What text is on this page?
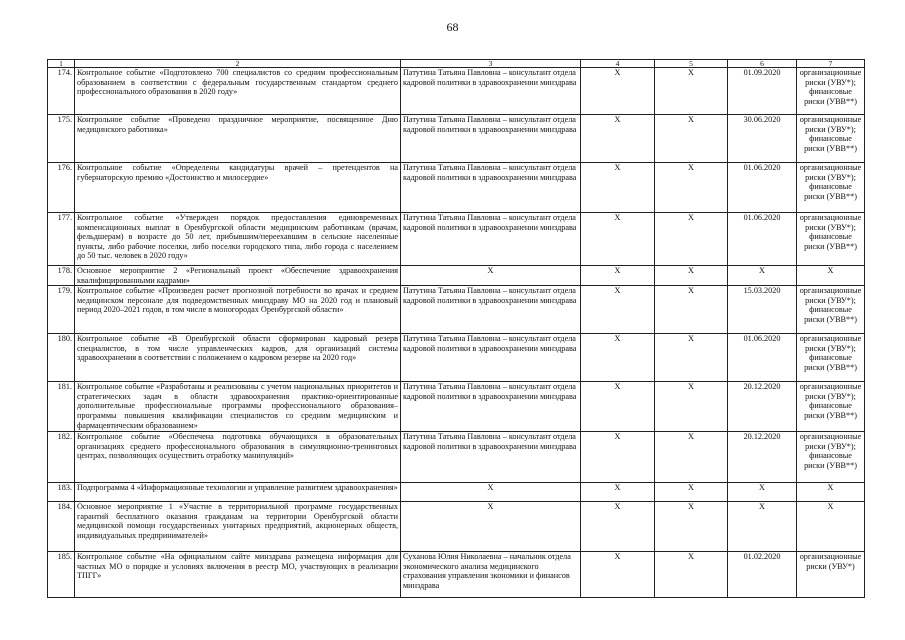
68
1	2	3	4	5	6	7
174.	Контрольное событие «Подготовлено 700 специалистов со средним профессиональным образованием в соответствии с федеральным государственным стандартом среднего профессионального образования в 2020 году»	Патутина Татьяна Павловна – консультант отдела кадровой политики в здравоохранении минздрава	X	X	01.09.2020	организационные риски (УВУ*); финансовые риски (УВВ**)
175.	Контрольное событие «Проведено праздничное мероприятие, посвященное Дню медицинского работника»	Патутина Татьяна Павловна – консультант отдела кадровой политики в здравоохранении минздрава	X	X	30.06.2020	организационные риски (УВУ*); финансовые риски (УВВ**)
176.	Контрольное событие «Определены кандидатуры врачей – претендентов на губернаторскую премию «Достоинство и милосердие»	Патутина Татьяна Павловна – консультант отдела кадровой политики в здравоохранении минздрава	X	X	01.06.2020	организационные риски (УВУ*); финансовые риски (УВВ**)
177.	Контрольное событие «Утвержден порядок предоставления единовременных компенсационных выплат в Оренбургской области медицинским работникам (врачам, фельдшерам) в возрасте до 50 лет, прибывшим/переехавшим в сельские населенные пункты, либо рабочие поселки, либо поселки городского типа, либо города с населением до 50 тыс. человек в 2020 году»	Патутина Татьяна Павловна – консультант отдела кадровой политики в здравоохранении минздрава	X	X	01.06.2020	организационные риски (УВУ*); финансовые риски (УВВ**)
178.	Основное мероприятие 2 «Региональный проект «Обеспечение здравоохранения квалифицированными кадрами»	X	X	X	X	X
179.	Контрольное событие «Произведен расчет прогнозной потребности во врачах и среднем медицинском персонале для подведомственных минздраву МО на 2020 год и плановый период 2020–2021 годов, в том числе в моногородах Оренбургской области»	Патутина Татьяна Павловна – консультант отдела кадровой политики в здравоохранении минздрава	X	X	15.03.2020	организационные риски (УВУ*); финансовые риски (УВВ**)
180.	Контрольное событие «В Оренбургской области сформирован кадровый резерв специалистов, в том числе управленческих кадров, для организаций системы здравоохранения в соответствии с положением о кадровом резерве на 2020 год»	Патутина Татьяна Павловна – консультант отдела кадровой политики в здравоохранении минздрава	X	X	01.06.2020	организационные риски (УВУ*); финансовые риски (УВВ**)
181.	Контрольное событие «Разработаны и реализованы с учетом национальных приоритетов и стратегических задач в области здравоохранения практико-ориентированные дополнительные профессиональные программы профессионального образования–программы повышения квалификации специалистов со средним медицинским и фармацевтическим образованием»	Патутина Татьяна Павловна – консультант отдела кадровой политики в здравоохранении минздрава	X	X	20.12.2020	организационные риски (УВУ*); финансовые риски (УВВ**)
182.	Контрольное событие «Обеспечена подготовка обучающихся в образовательных организациях среднего профессионального образования в симуляционно-тренинговых центрах, позволяющих осуществить отработку манипуляций»	Патутина Татьяна Павловна – консультант отдела кадровой политики в здравоохранении минздрава	X	X	20.12.2020	организационные риски (УВУ*); финансовые риски (УВВ**)
183.	Подпрограмма 4 «Информационные технологии и управление развитием здравоохранения»	X	X	X	X	X
184.	Основное мероприятие 1 «Участие в территориальной программе государственных гарантий бесплатного оказания гражданам на территории Оренбургской области медицинской помощи государственных унитарных предприятий, акционерных обществ, индивидуальных предпринимателей»	X	X	X	X	X
185.	Контрольное событие «На официальном сайте минздрава размещена информация для частных МО о порядке и условиях включения в реестр МО, участвующих в реализации ТПГГ»	Суханова Юлия Николаевна – начальник отдела экономического анализа медицинского страхования управления экономики и финансов минздрава	X	X	01.02.2020	организационные риски (УВУ*)
